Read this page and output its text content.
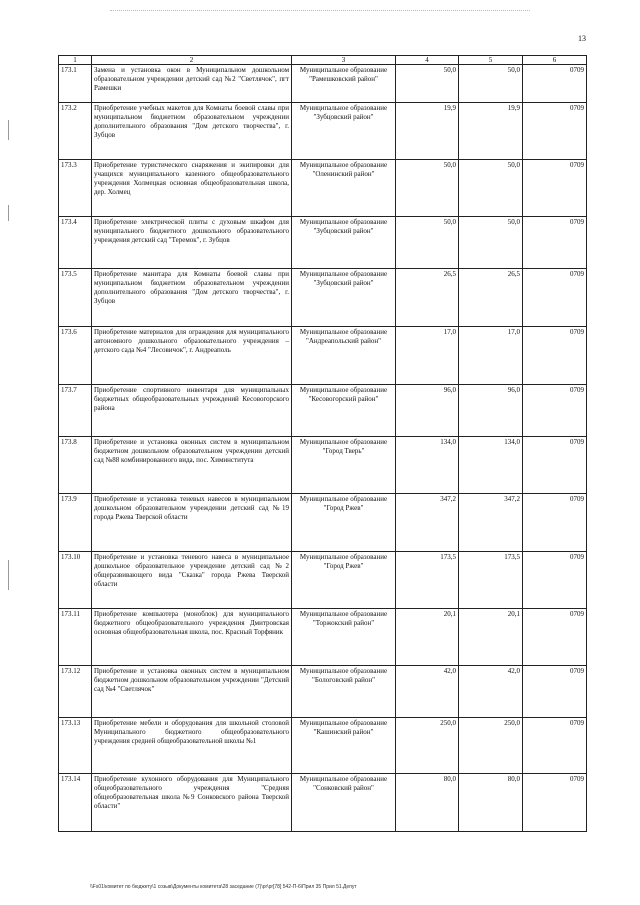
13
1	2	3	4	5	6
173.1	Замена и установка окон в Муниципальном дошкольном образовательном учреждении детский сад №2 "Светлячок", пгт Рамешки	Муниципальное образование "Рамешковский район"	50,0	50,0	0709
173.2	Приобретение учебных макетов для Комнаты боевой славы при муниципальном бюджетном образовательном учреждении дополнительного образования "Дом детского творчества", г. Зубцов	Муниципальное образование "Зубцовский район"	19,9	19,9	0709
173.3	Приобретение туристического снаряжения и экипировки для учащихся муниципального казенного общеобразовательного учреждения Холмецкая основная общеобразовательная школа, дер. Холмец	Муниципальное образование "Оленинский район"	50,0	50,0	0709
173.4	Приобретение электрической плиты с духовым шкафом для муниципального бюджетного дошкольного образовательного учреждения детский сад "Теремок", г. Зубцов	Муниципальное образование "Зубцовский район"	50,0	50,0	0709
173.5	Приобретение манитара для Комнаты боевой славы при муниципальном бюджетном образовательном учреждении дополнительного образования "Дом детского творчества", г. Зубцов	Муниципальное образование "Зубцовский район"	26,5	26,5	0709
173.6	Приобретение материалов для ограждения для муниципального автономного дошкольного образовательного учреждения – детского сада №4 "Лесовичок", г. Андреаполь	Муниципальное образование "Андреапольский район"	17,0	17,0	0709
173.7	Приобретение спортивного инвентаря для муниципальных бюджетных общеобразовательных учреждений Кесовогорского района	Муниципальное образование "Кесовогорский район"	96,0	96,0	0709
173.8	Приобретение и установка оконных систем в муниципальном бюджетном дошкольном образовательном учреждении детский сад №88 комбинированного вида, пос. Химинститута	Муниципальное образование "Город Тверь"	134,0	134,0	0709
173.9	Приобретение и установка теневых навесов в муниципальном дошкольном образовательном учреждении детский сад №19 города Ржева Тверской области	Муниципальное образование "Город Ржев"	347,2	347,2	0709
173.10	Приобретение и установка теневого навеса в муниципальное дошкольное образовательное учреждение детский сад №2 общеразвивающего вида "Сказка" города Ржева Тверской области	Муниципальное образование "Город Ржев"	173,5	173,5	0709
173.11	Приобретение компьютера (моноблок) для муниципального бюджетного общеобразовательного учреждения Дмитровская основная общеобразовательная школа, пос. Красный Торфяник	Муниципальное образование "Торжокский район"	20,1	20,1	0709
173.12	Приобретение и установка оконных систем в муниципальном бюджетном дошкольном образовательном учреждении "Детский сад №4 "Светлячок"	Муниципальное образование "Бологовский район"	42,0	42,0	0709
173.13	Приобретение мебели и оборудования для школьной столовой Муниципального бюджетного общеобразовательного учреждения средней общеобразовательной школы №1	Муниципальное образование "Кашинский район"	250,0	250,0	0709
173.14	Приобретение кухонного оборудования для Муниципального общеобразовательного учреждения "Средняя общеобразовательная школа №9 Сонковского района Тверской области"	Муниципальное образование "Сонковский район"	80,0	80,0	0709
\\Fs01\комитет по бюджету\1 созыв\Документы комитета\28 заседание (7)\pr\pr[78] 542-П-6\Прил 35 Прил 51.Депут
